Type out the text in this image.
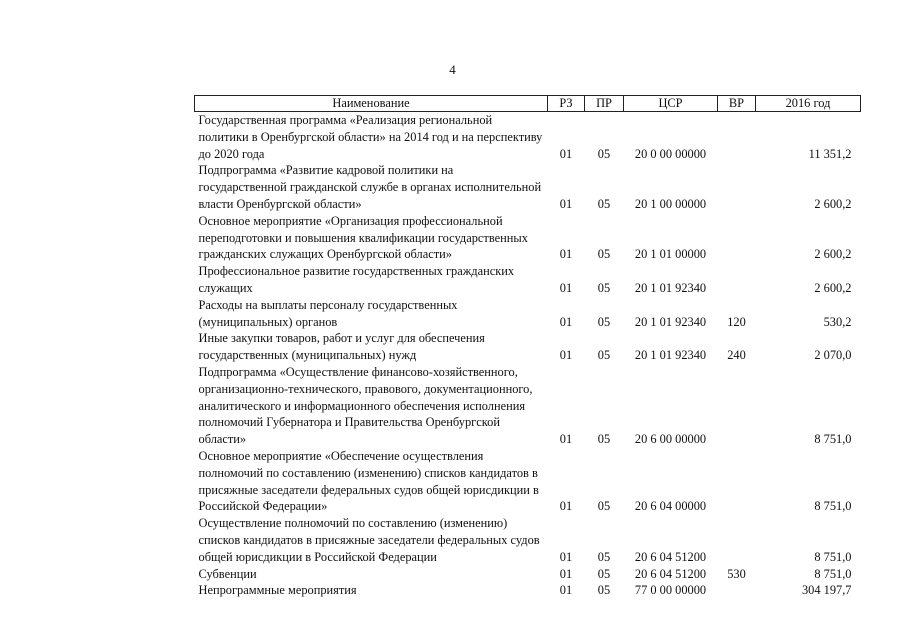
4
Наименование	РЗ	ПР	ЦСР	ВР	2016 год
Государственная программа «Реализация региональной политики в Оренбургской области» на 2014 год и на перспективу до 2020 года	01	05	20 0 00 00000		11 351,2
Подпрограмма «Развитие кадровой политики на государственной гражданской службе в органах исполнительной власти Оренбургской области»	01	05	20 1 00 00000		2 600,2
Основное мероприятие «Организация профессиональной переподготовки и повышения квалификации государственных гражданских служащих Оренбургской области»	01	05	20 1 01 00000		2 600,2
Профессиональное развитие государственных гражданских служащих	01	05	20 1 01 92340		2 600,2
Расходы на выплаты персоналу государственных (муниципальных) органов	01	05	20 1 01 92340	120	530,2
Иные закупки товаров, работ и услуг для обеспечения государственных (муниципальных) нужд	01	05	20 1 01 92340	240	2 070,0
Подпрограмма «Осуществление финансово-хозяйственного, организационно-технического, правового, документационного, аналитического и информационного обеспечения исполнения полномочий Губернатора и Правительства Оренбургской области»	01	05	20 6 00 00000		8 751,0
Основное мероприятие «Обеспечение осуществления полномочий по составлению (изменению) списков кандидатов в присяжные заседатели федеральных судов общей юрисдикции в Российской Федерации»	01	05	20 6 04 00000		8 751,0
Осуществление полномочий по составлению (изменению) списков кандидатов в присяжные заседатели федеральных судов общей юрисдикции в Российской Федерации	01	05	20 6 04 51200		8 751,0
Субвенции	01	05	20 6 04 51200	530	8 751,0
Непрограммные мероприятия	01	05	77 0 00 00000		304 197,7
